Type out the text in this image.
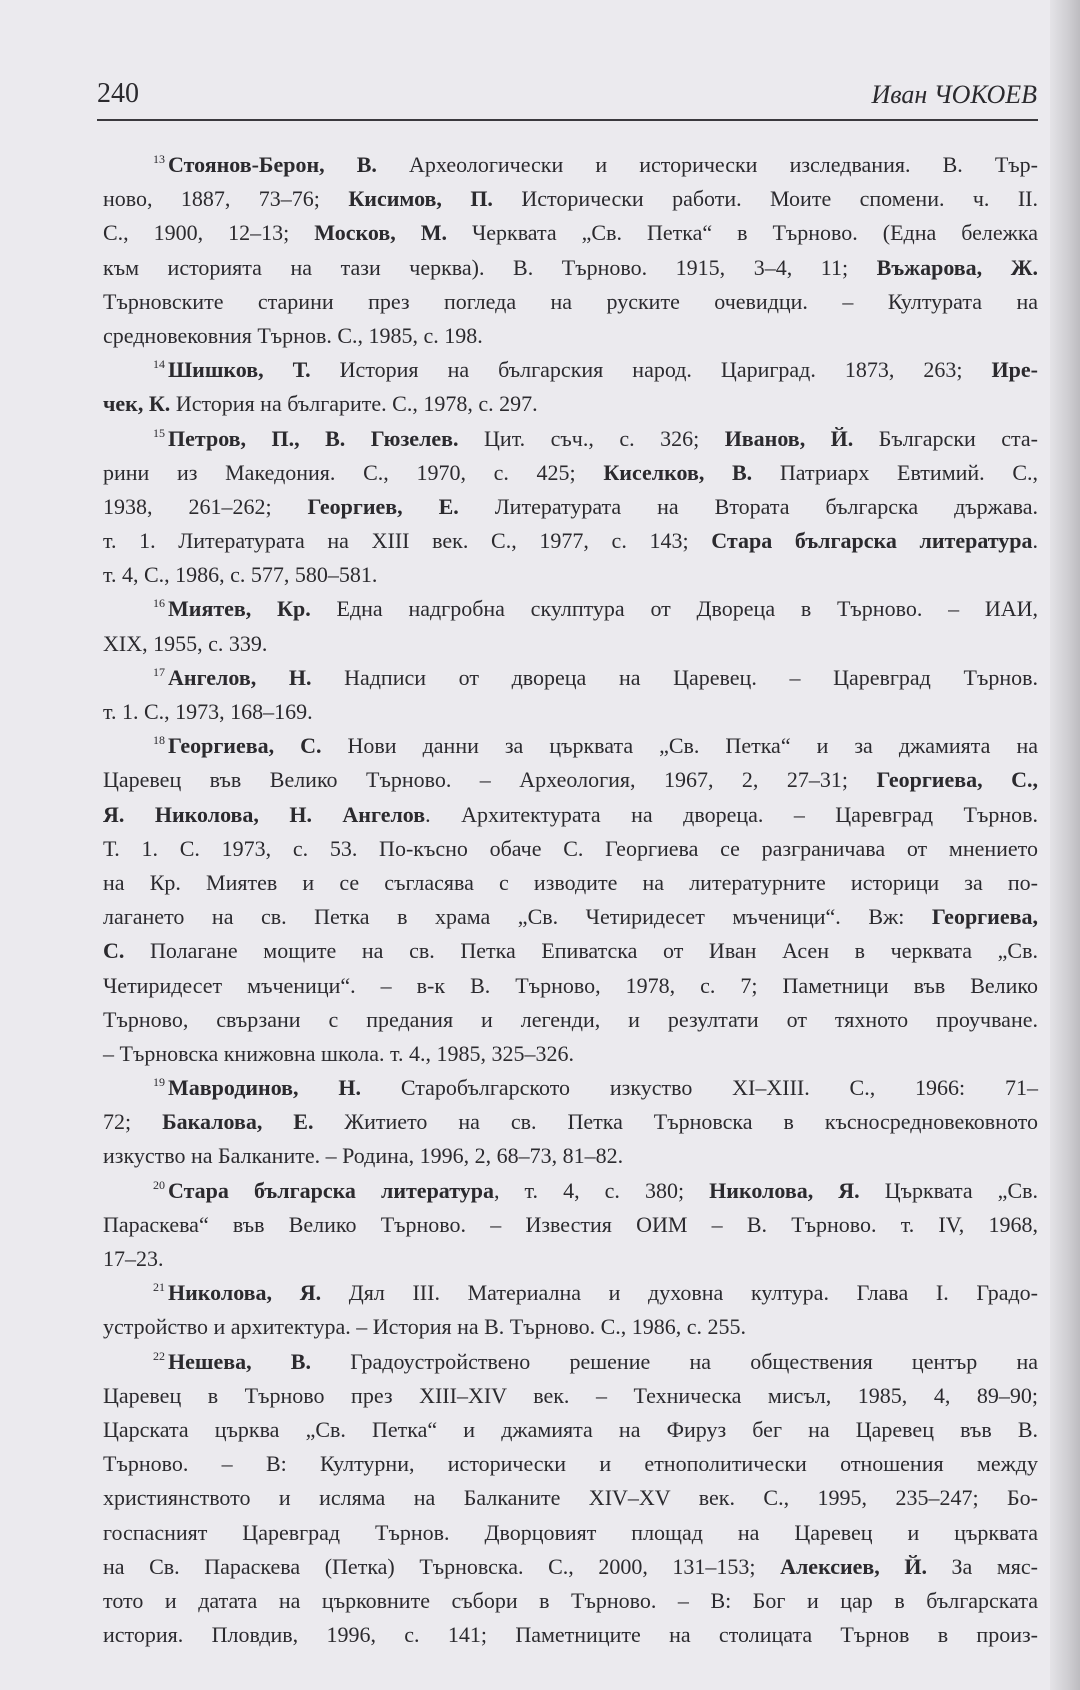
240	Иван ЧОКОЕВ
$^{13}$ Стоянов-Берон, В. Археологически и исторически изследвания. В. Тър-
ново, 1887, 73–76; Кисимов, П. Исторически работи. Моите спомени. ч. II.
С., 1900, 12–13; Москов, М. Черквата „Св. Петка“ в Търново. (Една бележка
към историята на тази черква). В. Търново. 1915, 3–4, 11; Въжарова, Ж.
Търновските старини през погледа на руските очевидци. – Културата на
средновековния Търнов. С., 1985, с. 198.
$^{14}$ Шишков, Т. История на българския народ. Цариград. 1873, 263; Ире-
чек, К. История на българите. С., 1978, с. 297.
$^{15}$ Петров, П., В. Гюзелев. Цит. съч., с. 326; Иванов, Й. Български ста-
рини из Македония. С., 1970, с. 425; Киселков, В. Патриарх Евтимий. С.,
1938, 261–262; Георгиев, Е. Литературата на Втората българска държава.
т. 1. Литературата на XIII век. С., 1977, с. 143; Стара българска литература.
т. 4, С., 1986, с. 577, 580–581.
$^{16}$ Миятев, Кр. Една надгробна скулптура от Двореца в Търново. – ИАИ,
XIX, 1955, с. 339.
$^{17}$ Ангелов, Н. Надписи от двореца на Царевец. – Царевград Търнов.
т. 1. С., 1973, 168–169.
$^{18}$ Георгиева, С. Нови данни за църквата „Св. Петка“ и за джамията на
Царевец във Велико Търново. – Археология, 1967, 2, 27–31; Георгиева, С.,
Я. Николова, Н. Ангелов. Архитектурата на двореца. – Царевград Търнов.
Т. 1. С. 1973, с. 53. По-късно обаче С. Георгиева се разграничава от мнението
на Кр. Миятев и се съгласява с изводите на литературните историци за по-
лагането на св. Петка в храма „Св. Четиридесет мъченици“. Вж: Георгиева,
С. Полагане мощите на св. Петка Епиватска от Иван Асен в черквата „Св.
Четиридесет мъченици“. – в-к В. Търново, 1978, с. 7; Паметници във Велико
Търново, свързани с предания и легенди, и резултати от тяхното проучване.
– Търновска книжовна школа. т. 4., 1985, 325–326.
$^{19}$ Мавродинов, Н. Старобългарското изкуство XI–XIII. С., 1966: 71–
72; Бакалова, Е. Житието на св. Петка Търновска в късносредновековното
изкуство на Балканите. – Родина, 1996, 2, 68–73, 81–82.
$^{20}$ Стара българска литература, т. 4, с. 380; Николова, Я. Църквата „Св.
Параскева“ във Велико Търново. – Известия ОИМ – В. Търново. т. IV, 1968,
17–23.
$^{21}$ Николова, Я. Дял III. Материална и духовна култура. Глава I. Градо-
устройство и архитектура. – История на В. Търново. С., 1986, с. 255.
$^{22}$ Нешева, В. Градоустройствено решение на обществения център на
Царевец в Търново през XIII–XIV век. – Техническа мисъл, 1985, 4, 89–90;
Царската църква „Св. Петка“ и джамията на Фируз бег на Царевец във В.
Търново. – В: Културни, исторически и етнополитически отношения между
християнството и исляма на Балканите XIV–XV век. С., 1995, 235–247; Бо-
госпасният Царевград Търнов. Дворцовият площад на Царевец и църквата
на Св. Параскева (Петка) Търновска. С., 2000, 131–153; Алексиев, Й. За мяс-
тото и датата на църковните събори в Търново. – В: Бог и цар в българската
история. Пловдив, 1996, с. 141; Паметниците на столицата Търнов в произ-
